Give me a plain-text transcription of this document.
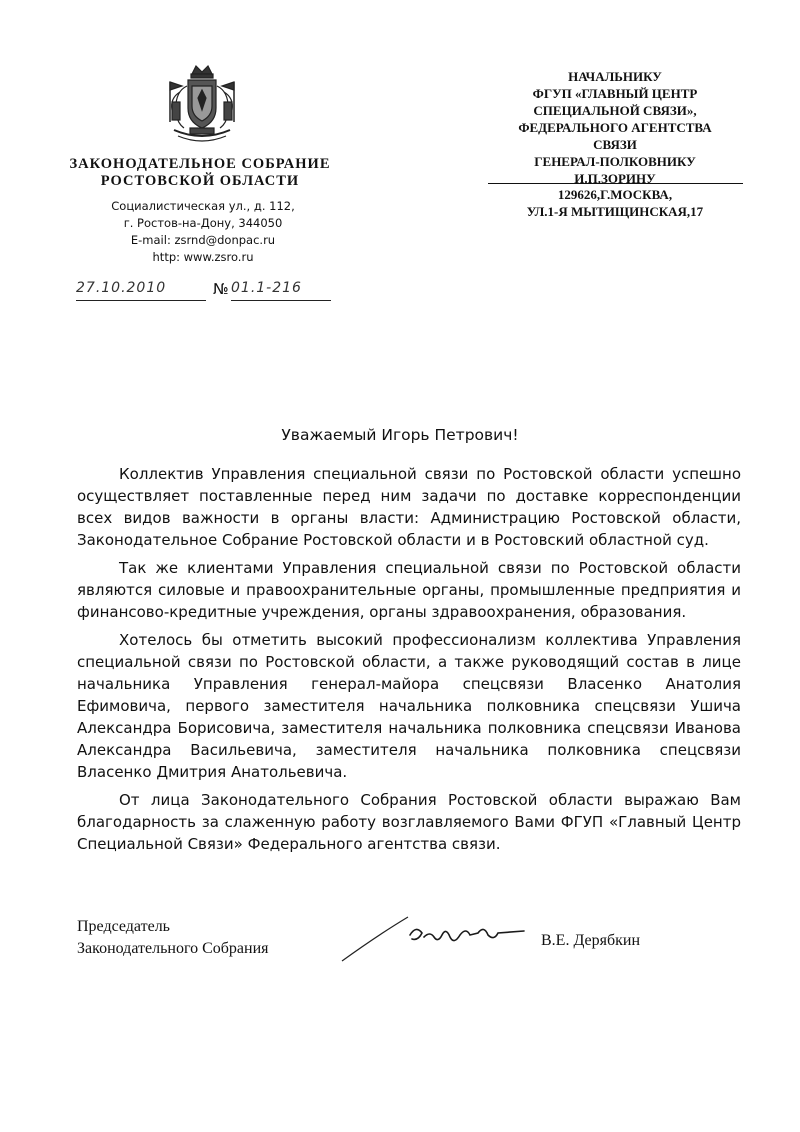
ЗАКОНОДАТЕЛЬНОЕ СОБРАНИЕ
РОСТОВСКОЙ ОБЛАСТИ
Социалистическая ул., д. 112,
г. Ростов-на-Дону, 344050
E-mail: zsrnd@donpac.ru
http: www.zsro.ru
27.10.2010	№ 01.1-216
НАЧАЛЬНИКУ
ФГУП «ГЛАВНЫЙ ЦЕНТР
СПЕЦИАЛЬНОЙ СВЯЗИ»,
ФЕДЕРАЛЬНОГО АГЕНТСТВА
СВЯЗИ
ГЕНЕРАЛ-ПОЛКОВНИКУ
И.П.ЗОРИНУ
129626,Г.МОСКВА,
УЛ.1-Я МЫТИЩИНСКАЯ,17
Уважаемый Игорь Петрович!

Коллектив Управления специальной связи по Ростовской области успешно осуществляет поставленные перед ним задачи по доставке корреспонденции всех видов важности в органы власти: Администрацию Ростовской области, Законодательное Собрание Ростовской области и в Ростовский областной суд.

Так же клиентами Управления специальной связи по Ростовской области являются силовые и правоохранительные органы, промышленные предприятия и финансово-кредитные учреждения, органы здравоохранения, образования.

Хотелось бы отметить высокий профессионализм коллектива Управления специальной связи по Ростовской области, а также руководящий состав в лице начальника Управления генерал-майора спецсвязи Власенко Анатолия Ефимовича, первого заместителя начальника полковника спецсвязи Ушича Александра Борисовича, заместителя начальника полковника спецсвязи Иванова Александра Васильевича, заместителя начальника полковника спецсвязи Власенко Дмитрия Анатольевича.

От лица Законодательного Собрания Ростовской области выражаю Вам благодарность за слаженную работу возглавляемого Вами ФГУП «Главный Центр Специальной Связи» Федерального агентства связи.

Председатель
Законодательного Собрания	В.Е. Дерябкин
